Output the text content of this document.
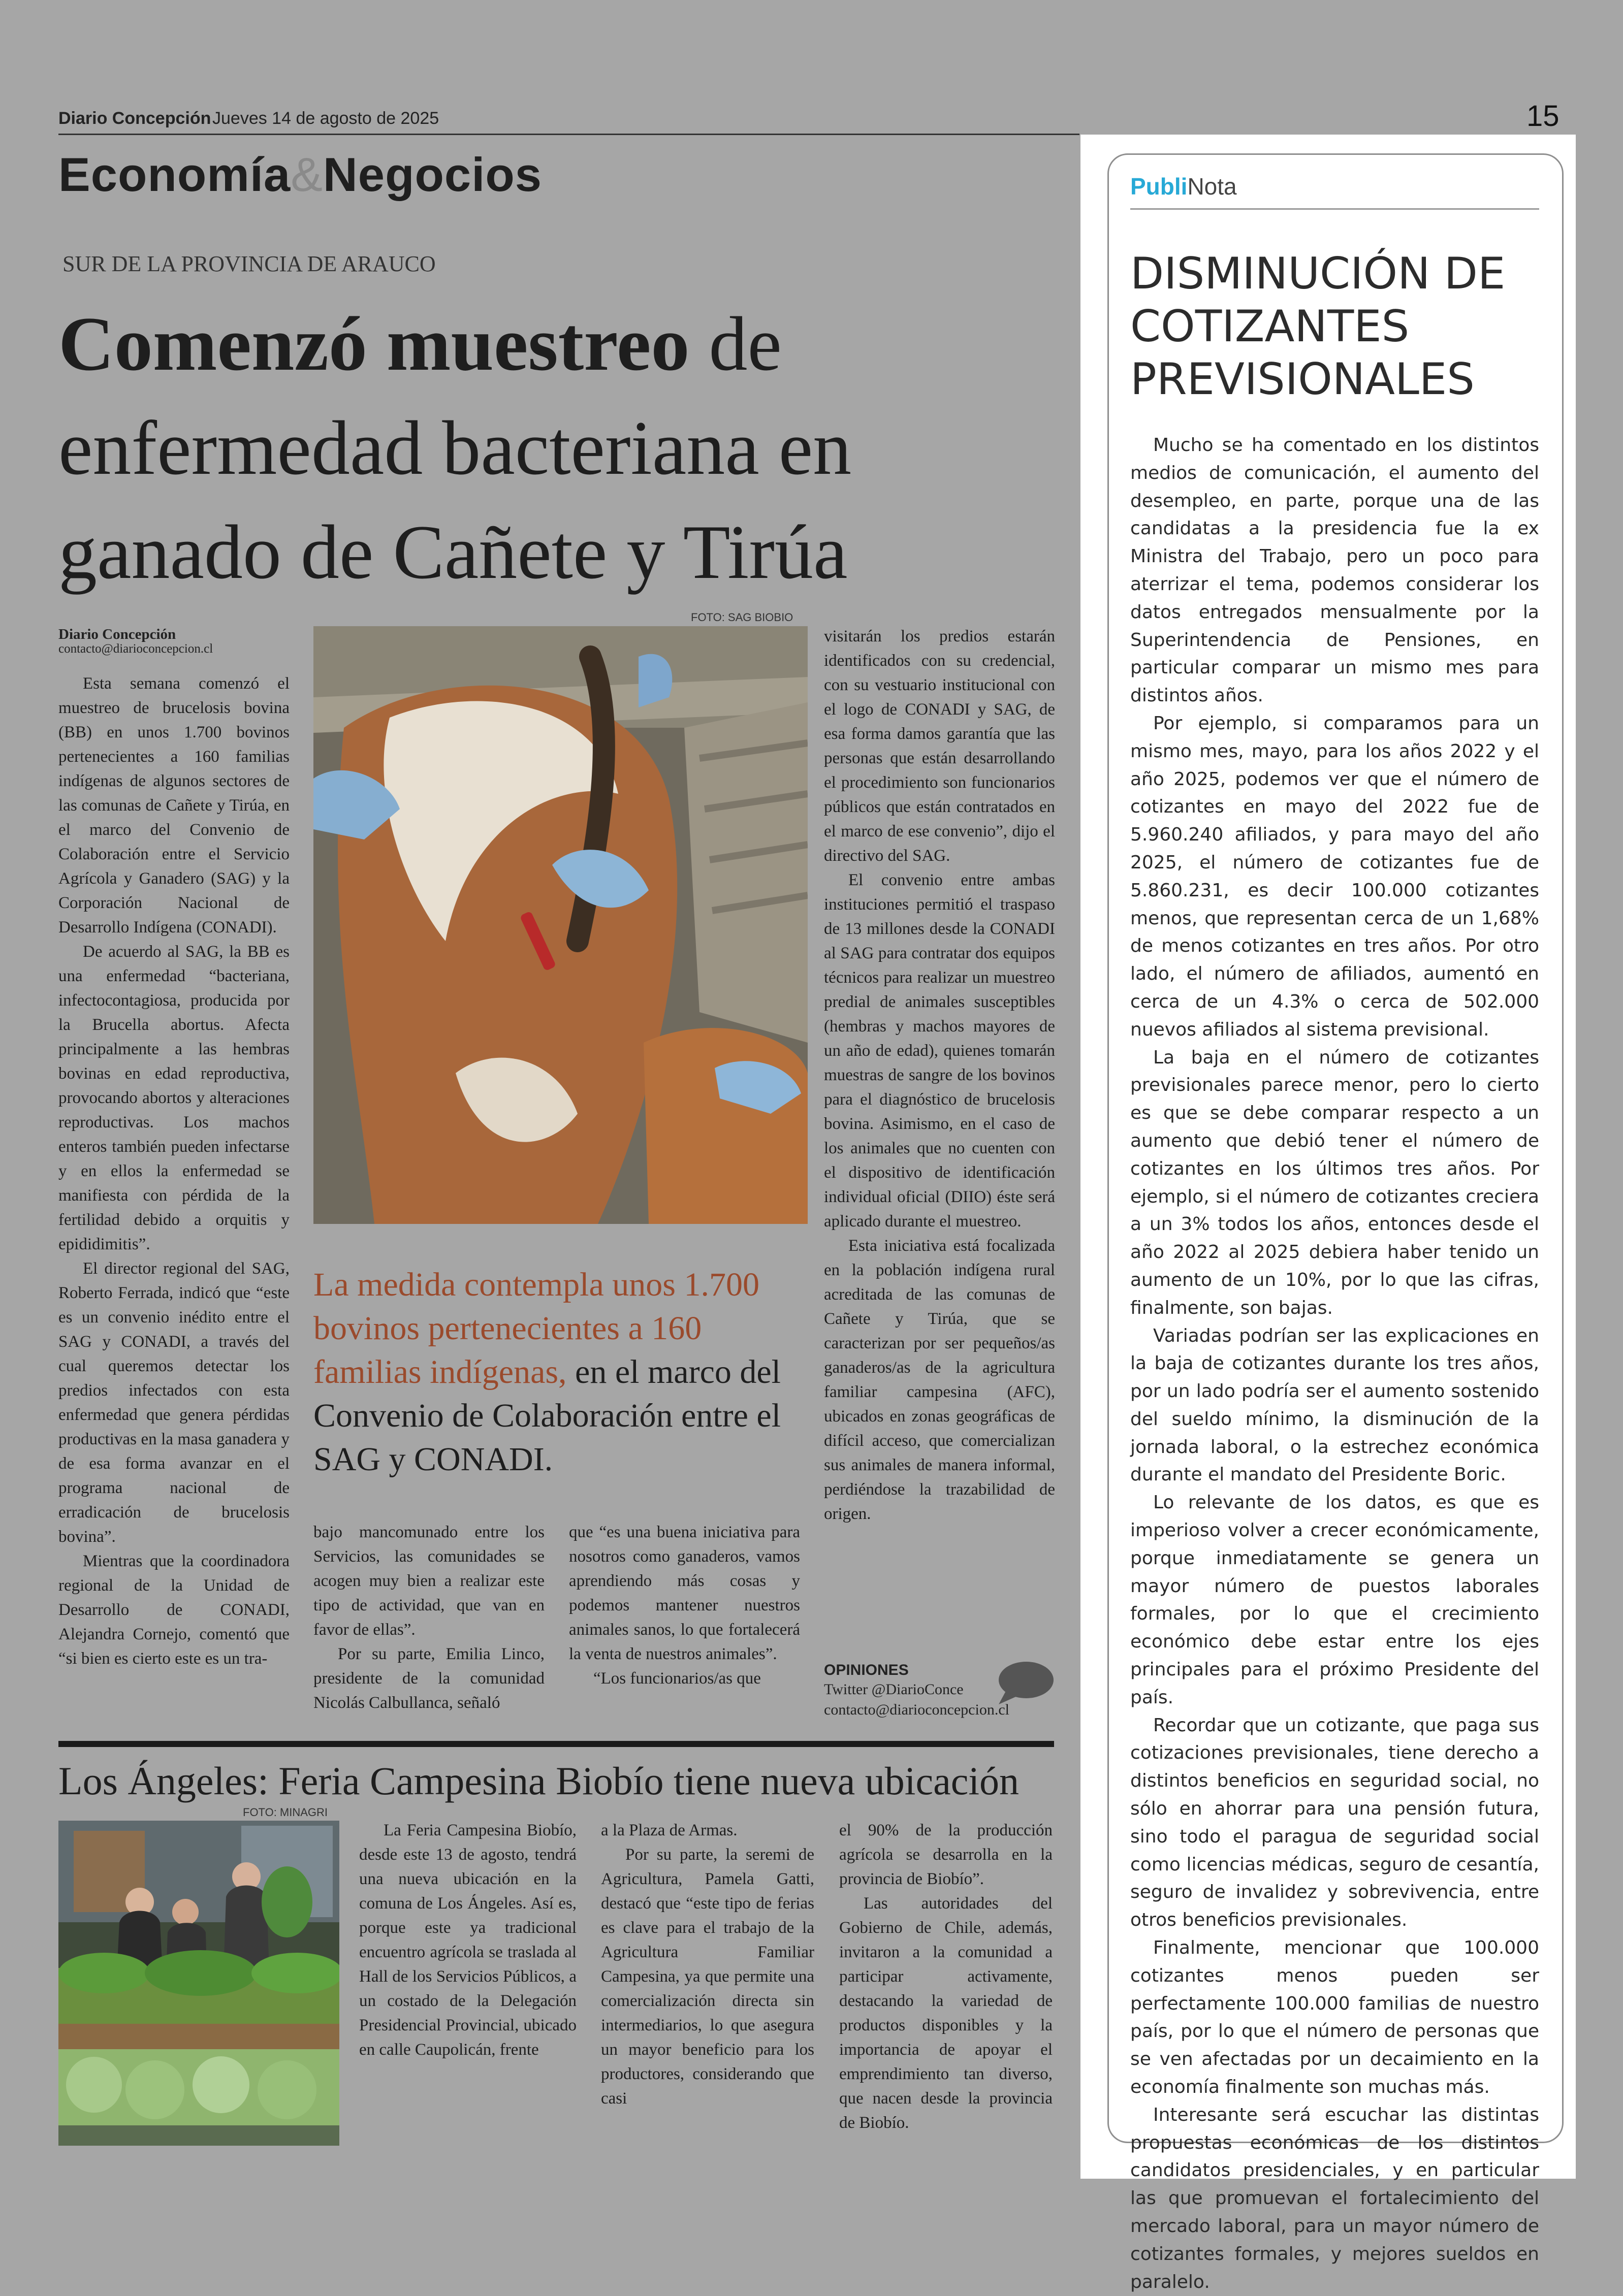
Diario Concepción Jueves 14 de agosto de 2025	15
Economía&Negocios
SUR DE LA PROVINCIA DE ARAUCO
Comenzó muestreo de enfermedad bacteriana en ganado de Cañete y Tirúa
Diario Concepción
contacto@diarioconcepcion.cl

Esta semana comenzó el muestreo de brucelosis bovina (BB) en unos 1.700 bovinos pertenecientes a 160 familias indígenas de algunos sectores de las comunas de Cañete y Tirúa, en el marco del Convenio de Colaboración entre el Servicio Agrícola y Ganadero (SAG) y la Corporación Nacional de Desarrollo Indígena (CONADI).

De acuerdo al SAG, la BB es una enfermedad “bacteriana, infectocontagiosa, producida por la Brucella abortus. Afecta principalmente a las hembras bovinas en edad reproductiva, provocando abortos y alteraciones reproductivas. Los machos enteros también pueden infectarse y en ellos la enfermedad se manifiesta con pérdida de la fertilidad debido a orquitis y epididimitis”.

El director regional del SAG, Roberto Ferrada, indicó que “este es un convenio inédito entre el SAG y CONADI, a través del cual queremos detectar los predios infectados con esta enfermedad que genera pérdidas productivas en la masa ganadera y de esa forma avanzar en el programa nacional de erradicación de brucelosis bovina”.

Mientras que la coordinadora regional de la Unidad de Desarrollo de CONADI, Alejandra Cornejo, comentó que “si bien es cierto este es un tra-

FOTO: SAG BIOBIO
La medida contempla unos 1.700 bovinos pertenecientes a 160 familias indígenas, en el marco del Convenio de Colaboración entre el SAG y CONADI.

bajo mancomunado entre los Servicios, las comunidades se acogen muy bien a realizar este tipo de actividad, que van en favor de ellas”.

Por su parte, Emilia Linco, presidente de la comunidad Nicolás Calbullanca, señaló

que “es una buena iniciativa para nosotros como ganaderos, vamos aprendiendo más cosas y podemos mantener nuestros animales sanos, lo que fortalecerá la venta de nuestros animales”.

“Los funcionarios/as que

visitarán los predios estarán identificados con su credencial, con su vestuario institucional con el logo de CONADI y SAG, de esa forma damos garantía que las personas que están desarrollando el procedimiento son funcionarios públicos que están contratados en el marco de ese convenio”, dijo el directivo del SAG.

El convenio entre ambas instituciones permitió el traspaso de 13 millones desde la CONADI al SAG para contratar dos equipos técnicos para realizar un muestreo predial de animales susceptibles (hembras y machos mayores de un año de edad), quienes tomarán muestras de sangre de los bovinos para el diagnóstico de brucelosis bovina. Asimismo, en el caso de los animales que no cuenten con el dispositivo de identificación individual oficial (DIIO) éste será aplicado durante el muestreo.

Esta iniciativa está focalizada en la población indígena rural acreditada de las comunas de Cañete y Tirúa, que se caracterizan por ser pequeños/as ganaderos/as de la agricultura familiar campesina (AFC), ubicados en zonas geográficas de difícil acceso, que comercializan sus animales de manera informal, perdiéndose la trazabilidad de origen.

OPINIONES
Twitter @DiarioConce
contacto@diarioconcepcion.cl
Los Ángeles: Feria Campesina Biobío tiene nueva ubicación
FOTO: MINAGRI

La Feria Campesina Biobío, desde este 13 de agosto, tendrá una nueva ubicación en la comuna de Los Ángeles. Así es, porque este ya tradicional encuentro agrícola se traslada al Hall de los Servicios Públicos, a un costado de la Delegación Presidencial Provincial, ubicado en calle Caupolicán, frente

a la Plaza de Armas.

Por su parte, la seremi de Agricultura, Pamela Gatti, destacó que “este tipo de ferias es clave para el trabajo de la Agricultura Familiar Campesina, ya que permite una comercialización directa sin intermediarios, lo que asegura un mayor beneficio para los productores, considerando que casi

el 90% de la producción agrícola se desarrolla en la provincia de Biobío”.

Las autoridades del Gobierno de Chile, además, invitaron a la comunidad a participar activamente, destacando la variedad de productos disponibles y la importancia de apoyar el emprendimiento tan diverso, que nacen desde la provincia de Biobío.

PubliNota
DISMINUCIÓN DE COTIZANTES PREVISIONALES

Mucho se ha comentado en los distintos medios de comunicación, el aumento del desempleo, en parte, porque una de las candidatas a la presidencia fue la ex Ministra del Trabajo, pero un poco para aterrizar el tema, podemos considerar los datos entregados mensualmente por la Superintendencia de Pensiones, en particular comparar un mismo mes para distintos años.

Por ejemplo, si comparamos para un mismo mes, mayo, para los años 2022 y el año 2025, podemos ver que el número de cotizantes en mayo del 2022 fue de 5.960.240 afiliados, y para mayo del año 2025, el número de cotizantes fue de 5.860.231, es decir 100.000 cotizantes menos, que representan cerca de un 1,68% de menos cotizantes en tres años. Por otro lado, el número de afiliados, aumentó en cerca de un 4.3% o cerca de 502.000 nuevos afiliados al sistema previsional.

La baja en el número de cotizantes previsionales parece menor, pero lo cierto es que se debe comparar respecto a un aumento que debió tener el número de cotizantes en los últimos tres años. Por ejemplo, si el número de cotizantes creciera a un 3% todos los años, entonces desde el año 2022 al 2025 debiera haber tenido un aumento de un 10%, por lo que las cifras, finalmente, son bajas.

Variadas podrían ser las explicaciones en la baja de cotizantes durante los tres años, por un lado podría ser el aumento sostenido del sueldo mínimo, la disminución de la jornada laboral, o la estrechez económica durante el mandato del Presidente Boric.

Lo relevante de los datos, es que es imperioso volver a crecer económicamente, porque inmediatamente se genera un mayor número de puestos laborales formales, por lo que el crecimiento económico debe estar entre los ejes principales para el próximo Presidente del país.

Recordar que un cotizante, que paga sus cotizaciones previsionales, tiene derecho a distintos beneficios en seguridad social, no sólo en ahorrar para una pensión futura, sino todo el paragua de seguridad social como licencias médicas, seguro de cesantía, seguro de invalidez y sobrevivencia, entre otros beneficios previsionales.

Finalmente, mencionar que 100.000 cotizantes menos pueden ser perfectamente 100.000 familias de nuestro país, por lo que el número de personas que se ven afectadas por un decaimiento en la economía finalmente son muchas más.

Interesante será escuchar las distintas propuestas económicas de los distintos candidatos presidenciales, y en particular las que promuevan el fortalecimiento del mercado laboral, para un mayor número de cotizantes formales, y mejores sueldos en paralelo.
